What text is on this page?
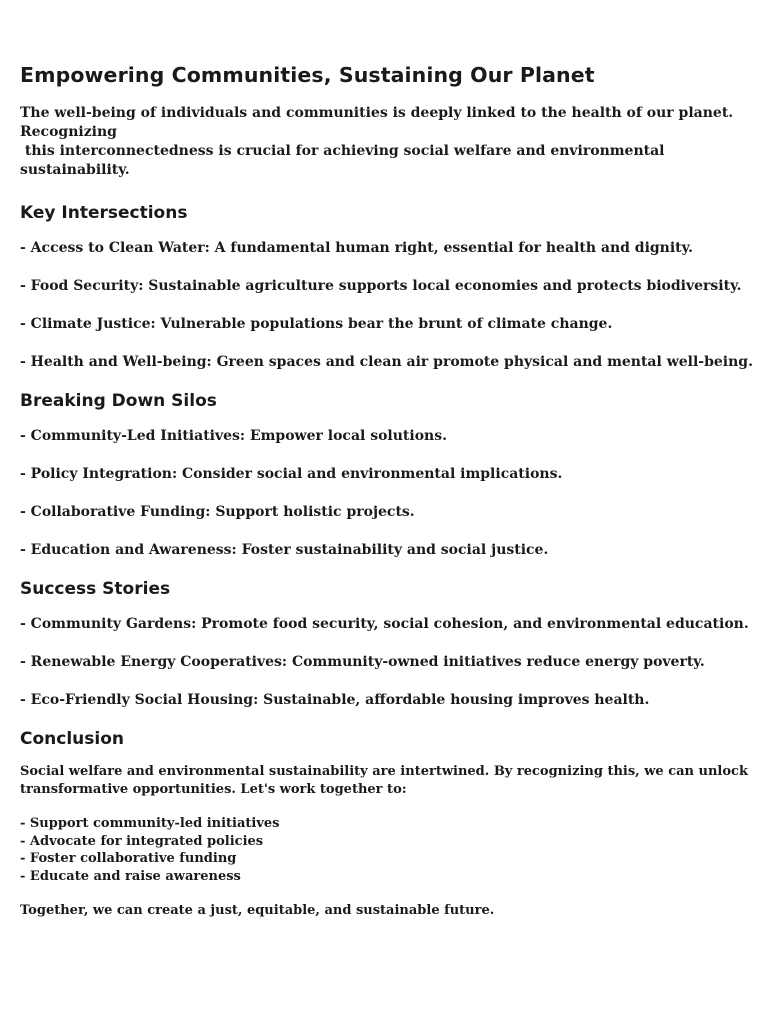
Empowering Communities, Sustaining Our Planet

The well-being of individuals and communities is deeply linked to the health of our planet. Recognizing
this interconnectedness is crucial for achieving social welfare and environmental sustainability.

Key Intersections
- Access to Clean Water: A fundamental human right, essential for health and dignity.
- Food Security: Sustainable agriculture supports local economies and protects biodiversity.
- Climate Justice: Vulnerable populations bear the brunt of climate change.
- Health and Well-being: Green spaces and clean air promote physical and mental well-being.
Breaking Down Silos
- Community-Led Initiatives: Empower local solutions.
- Policy Integration: Consider social and environmental implications.
- Collaborative Funding: Support holistic projects.
- Education and Awareness: Foster sustainability and social justice.
Success Stories
- Community Gardens: Promote food security, social cohesion, and environmental education.
- Renewable Energy Cooperatives: Community-owned initiatives reduce energy poverty.
- Eco-Friendly Social Housing: Sustainable, affordable housing improves health.
Conclusion

Social welfare and environmental sustainability are intertwined. By recognizing this, we can unlock transformative opportunities. Let's work together to:

- Support community-led initiatives
- Advocate for integrated policies
- Foster collaborative funding
- Educate and raise awareness

Together, we can create a just, equitable, and sustainable future.
